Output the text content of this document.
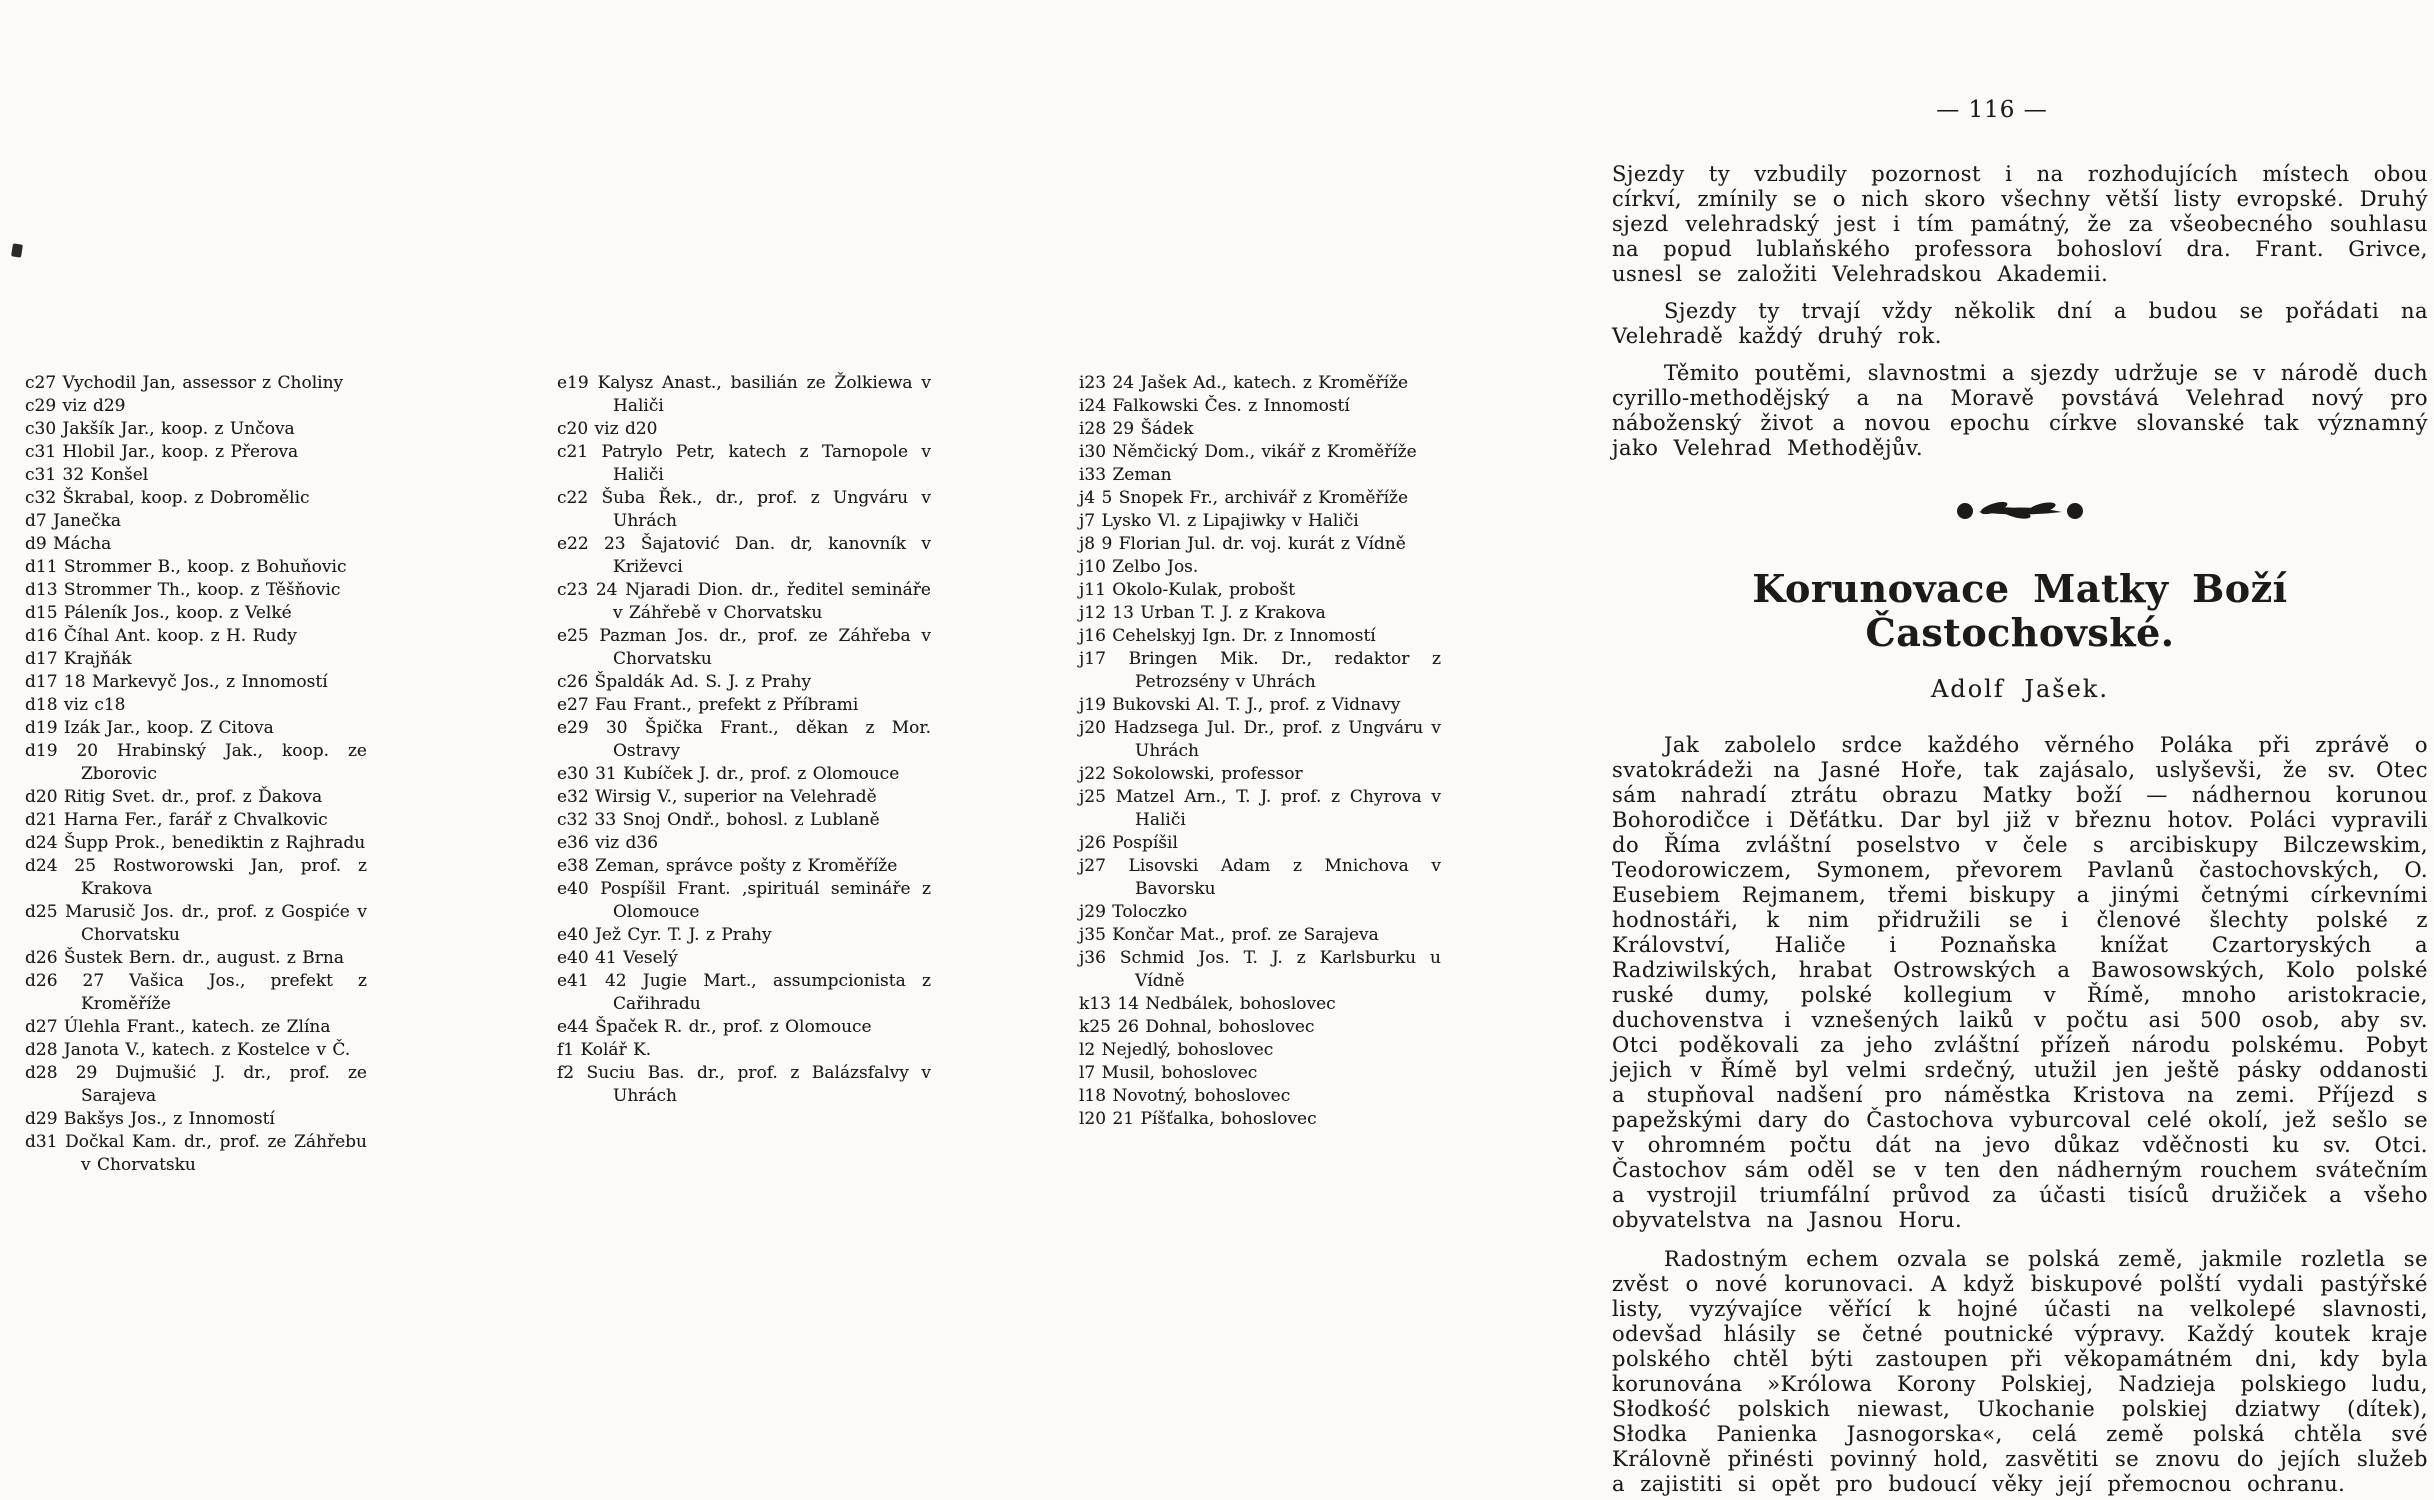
c27 Vychodil Jan, assessor z Choliny
c29 viz d29
c30 Jakšík Jar., koop. z Unčova
c31 Hlobil Jar., koop. z Přerova
c31 32 Konšel
c32 Škrabal, koop. z Dobromělic
d7 Janečka
d9 Mácha
d11 Strommer B., koop. z Bohuňovic
d13 Strommer Th., koop. z Těšňovic
d15 Páleník Jos., koop. z Velké
d16 Číhal Ant. koop. z H. Rudy
d17 Krajňák
d17 18 Markevyč Jos., z Innomostí
d18 viz c18
d19 Izák Jar., koop. Z Citova
d19 20 Hrabinský Jak., koop. ze Zborovic
d20 Ritig Svet. dr., prof. z Ďakova
d21 Harna Fer., farář z Chvalkovic
d24 Šupp Prok., benediktin z Rajhradu
d24 25 Rostworowski Jan, prof. z Krakova
d25 Marusič Jos. dr., prof. z Gospiće v Chorvatsku
d26 Šustek Bern. dr., august. z Brna
d26 27 Vašica Jos., prefekt z Kroměříže
d27 Úlehla Frant., katech. ze Zlína
d28 Janota V., katech. z Kostelce v Č.
d28 29 Dujmušić J. dr., prof. ze Sarajeva
d29 Bakšys Jos., z Innomostí
d31 Dočkal Kam. dr., prof. ze Záhřebu v Chorvatsku
e19 Kalysz Anast., basilián ze Žolkiewa v Haliči
c20 viz d20
c21 Patrylo Petr, katech z Tarnopole v Haliči
c22 Šuba Řek., dr., prof. z Ungváru v Uhrách
e22 23 Šajatović Dan. dr, kanovník v Križevci
c23 24 Njaradi Dion. dr., ředitel semináře v Záhřebě v Chorvatsku
e25 Pazman Jos. dr., prof. ze Záhřeba v Chorvatsku
c26 Špaldák Ad. S. J. z Prahy
e27 Fau Frant., prefekt z Příbrami
e29 30 Špička Frant., děkan z Mor. Ostravy
e30 31 Kubíček J. dr., prof. z Olomouce
e32 Wirsig V., superior na Velehradě
c32 33 Snoj Ondř., bohosl. z Lublaně
e36 viz d36
e38 Zeman, správce pošty z Kroměříže
e40 Pospíšil Frant. ,spirituál semináře z Olomouce
e40 Jež Cyr. T. J. z Prahy
e40 41 Veselý
e41 42 Jugie Mart., assumpcionista z Cařihradu
e44 Špaček R. dr., prof. z Olomouce
f1 Kolář K.
f2 Suciu Bas. dr., prof. z Balázsfalvy v Uhrách
i23 24 Jašek Ad., katech. z Kroměříže
i24 Falkowski Čes. z Innomostí
i28 29 Šádek
i30 Němčický Dom., vikář z Kroměříže
i33 Zeman
j4 5 Snopek Fr., archivář z Kroměříže
j7 Lysko Vl. z Lipajiwky v Haliči
j8 9 Florian Jul. dr. voj. kurát z Vídně
j10 Zelbo Jos.
j11 Okolo-Kulak, probošt
j12 13 Urban T. J. z Krakova
j16 Cehelskyj Ign. Dr. z Innomostí
j17 Bringen Mik. Dr., redaktor z Petrozsény v Uhrách
j19 Bukovski Al. T. J., prof. z Vidnavy
j20 Hadzsega Jul. Dr., prof. z Ungváru v Uhrách
j22 Sokolowski, professor
j25 Matzel Arn., T. J. prof. z Chyrova v Haliči
j26 Pospíšil
j27 Lisovski Adam z Mnichova v Bavorsku
j29 Toloczko
j35 Končar Mat., prof. ze Sarajeva
j36 Schmid Jos. T. J. z Karlsburku u Vídně
k13 14 Nedbálek, bohoslovec
k25 26 Dohnal, bohoslovec
l2 Nejedlý, bohoslovec
l7 Musil, bohoslovec
l18 Novotný, bohoslovec
l20 21 Píšťalka, bohoslovec
— 116 —
Sjezdy ty vzbudily pozornost i na rozhodujících místech obou církví, zmínily se o nich skoro všechny větší listy evropské. Druhý sjezd velehradský jest i tím památný, že za všeobecného souhlasu na popud lublaňského professora bohosloví dra. Frant. Grivce, usnesl se založiti Velehradskou Akademii.
Sjezdy ty trvají vždy několik dní a budou se pořádati na Velehradě každý druhý rok.
Těmito poutěmi, slavnostmi a sjezdy udržuje se v národě duch cyrillo-methodějský a na Moravě povstává Velehrad nový pro náboženský život a novou epochu církve slovanské tak významný jako Velehrad Methodějův.
Korunovace Matky Boží Častochovské.
Adolf Jašek.
Jak zabolelo srdce každého věrného Poláka při zprávě o svatokrádeži na Jasné Hoře, tak zajásalo, uslyševši, že sv. Otec sám nahradí ztrátu obrazu Matky boží — nádhernou korunou Bohorodičce i Děťátku. Dar byl již v březnu hotov. Poláci vypravili do Říma zvláštní poselstvo v čele s arcibiskupy Bilczewskim, Teodorowiczem, Symonem, převorem Pavlanů častochovských, O. Eusebiem Rejmanem, třemi biskupy a jinými četnými církevními hodnostáři, k nim přidružili se i členové šlechty polské z Království, Haliče i Poznaňska knížat Czartoryských a Radziwilských, hrabat Ostrowských a Bawosowských, Kolo polské ruské dumy, polské kollegium v Římě, mnoho aristokracie, duchovenstva i vznešených laiků v počtu asi 500 osob, aby sv. Otci poděkovali za jeho zvláštní přízeň národu polskému. Pobyt jejich v Římě byl velmi srdečný, utužil jen ještě pásky oddanosti a stupňoval nadšení pro náměstka Kristova na zemi. Příjezd s papežskými dary do Častochova vyburcoval celé okolí, jež sešlo se v ohromném počtu dát na jevo důkaz vděčnosti ku sv. Otci. Častochov sám oděl se v ten den nádherným rouchem svátečním a vystrojil triumfální průvod za účasti tisíců družiček a všeho obyvatelstva na Jasnou Horu.
Radostným echem ozvala se polská země, jakmile rozletla se zvěst o nové korunovaci. A když biskupové polští vydali pastýřské listy, vyzývajíce věřící k hojné účasti na velkolepé slavnosti, odevšad hlásily se četné poutnické výpravy. Každý koutek kraje polského chtěl býti zastoupen při věkopamátném dni, kdy byla korunována »Królowa Korony Polskiej, Nadzieja polskiego ludu, Słodkość polskich niewast, Ukochanie polskiej dziatwy (dítek), Słodka Panienka Jasnogorska«, celá země polská chtěla své Královně přinésti povinný hold, zasvětiti se znovu do jejích služeb a zajistiti si opět pro budoucí věky její přemocnou ochranu.
